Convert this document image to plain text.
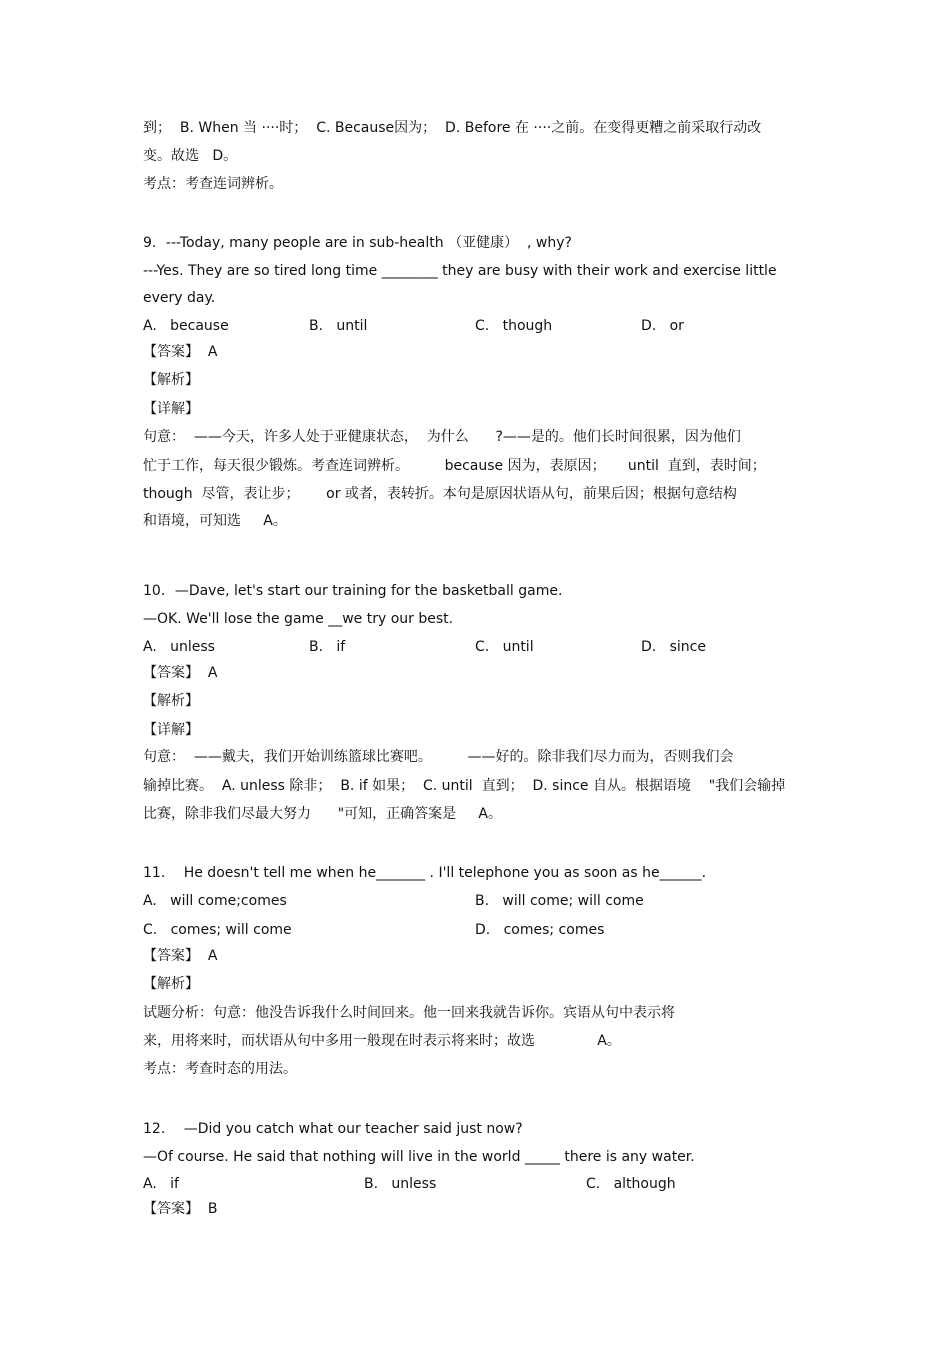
到；  B. When 当 ····时；  C. Because因为；  D. Before 在 ····之前。在变得更糟之前采取行动改
变。故选   D。
考点：考查连词辨析。
9．---Today, many people are in sub-health （亚健康）  , why?
---Yes. They are so tired long time ________ they are busy with their work and exercise little
every day.
A.   because	B.   until	C.   though	D.   or
【答案】  A
【解析】
【详解】
句意：  ——今天，许多人处于亚健康状态，  为什么      ?——是的。他们长时间很累，因为他们
忙于工作，每天很少锻炼。考查连词辨析。        because 因为，表原因；     until  直到，表时间；
though  尽管，表让步；      or 或者，表转折。本句是原因状语从句，前果后因；根据句意结构
和语境，可知选     A。
10．—Dave, let's start our training for the basketball game.
—OK. We'll lose the game __we try our best.
A.   unless	B.   if	C.   until	D.   since
【答案】  A
【解析】
【详解】
句意：  ——戴夫，我们开始训练篮球比赛吧。        ——好的。除非我们尽力而为，否则我们会
输掉比赛。  A. unless 除非；  B. if 如果；  C. until  直到；  D. since 自从。根据语境    "我们会输掉
比赛，除非我们尽最大努力      "可知，正确答案是     A。
11．  He doesn't tell me when he_______ . I'll telephone you as soon as he______.
A.   will come;comes	B.   will come; will come
C.   comes; will come	D.   comes; comes
【答案】  A
【解析】
试题分析：句意：他没告诉我什么时间回来。他一回来我就告诉你。宾语从句中表示将
来，用将来时，而状语从句中多用一般现在时表示将来时；故选              A。
考点：考查时态的用法。
12．  —Did you catch what our teacher said just now?
—Of course. He said that nothing will live in the world _____ there is any water.
A.   if	B.   unless	C.   although
【答案】  B
